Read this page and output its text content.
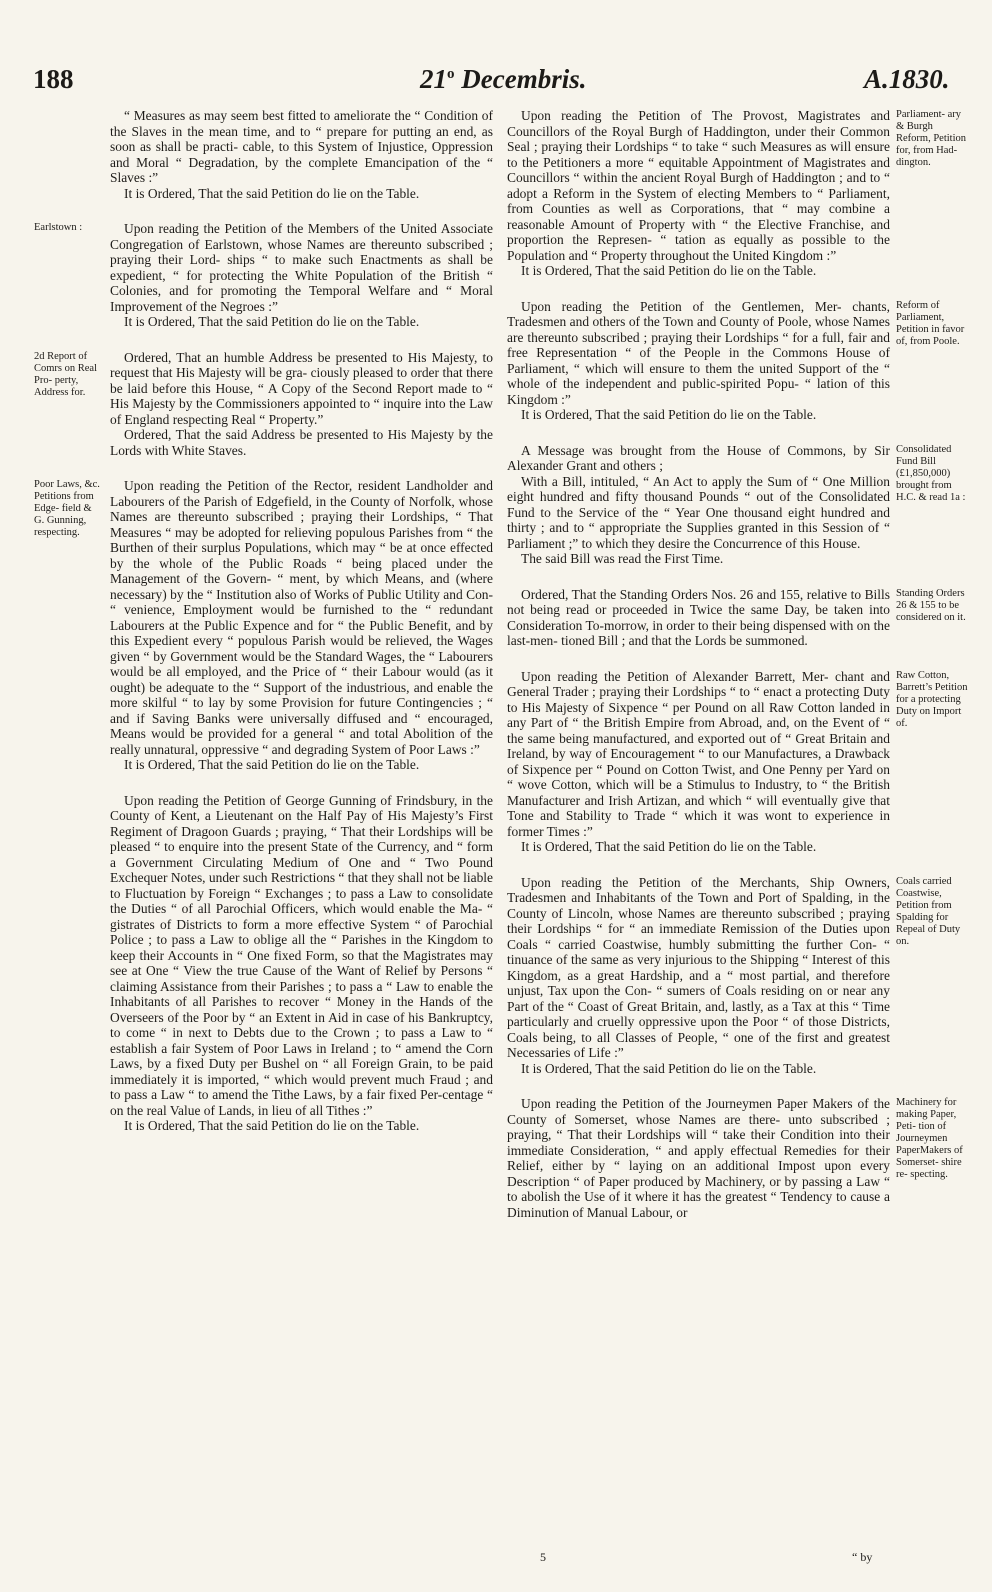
188	21$^o$ Decembris.	A.1830.

“ Measures as may seem best fitted to ameliorate the “ Condition of the Slaves in the mean time, and to “ prepare for putting an end, as soon as shall be practi- cable, to this System of Injustice, Oppression and Moral “ Degradation, by the complete Emancipation of the “ Slaves :”

It is Ordered, That the said Petition do lie on the Table.

Earlstown :	Upon reading the Petition of the Members of the United Associate Congregation of Earlstown, whose Names are thereunto subscribed ; praying their Lord- ships “ to make such Enactments as shall be expedient, “ for protecting the White Population of the British “ Colonies, and for promoting the Temporal Welfare and “ Moral Improvement of the Negroes :”

It is Ordered, That the said Petition do lie on the Table.

2d Report of Comrs on Real Pro- perty, Address for.

Ordered, That an humble Address be presented to His Majesty, to request that His Majesty will be gra- ciously pleased to order that there be laid before this House, “ A Copy of the Second Report made to “ His Majesty by the Commissioners appointed to “ inquire into the Law of England respecting Real “ Property.”

Ordered, That the said Address be presented to His Majesty by the Lords with White Staves.

Poor Laws, &c. Petitions from Edge- field & G. Gunning, respecting.

Upon reading the Petition of the Rector, resident Landholder and Labourers of the Parish of Edgefield, in the County of Norfolk, whose Names are thereunto subscribed ; praying their Lordships, “ That Measures “ may be adopted for relieving populous Parishes from “ the Burthen of their surplus Populations, which may “ be at once effected by the whole of the Public Roads “ being placed under the Management of the Govern- “ ment, by which Means, and (where necessary) by the “ Institution also of Works of Public Utility and Con- “ venience, Employment would be furnished to the “ redundant Labourers at the Public Expence and for “ the Public Benefit, and by this Expedient every “ populous Parish would be relieved, the Wages given “ by Government would be the Standard Wages, the “ Labourers would be all employed, and the Price of “ their Labour would (as it ought) be adequate to the “ Support of the industrious, and enable the more skilful “ to lay by some Provision for future Contingencies ; “ and if Saving Banks were universally diffused and “ encouraged, Means would be provided for a general “ and total Abolition of the really unnatural, oppressive “ and degrading System of Poor Laws :”

It is Ordered, That the said Petition do lie on the Table.

Upon reading the Petition of George Gunning of Frindsbury, in the County of Kent, a Lieutenant on the Half Pay of His Majesty’s First Regiment of Dragoon Guards ; praying, “ That their Lordships will be pleased “ to enquire into the present State of the Currency, and “ form a Government Circulating Medium of One and “ Two Pound Exchequer Notes, under such Restrictions “ that they shall not be liable to Fluctuation by Foreign “ Exchanges ; to pass a Law to consolidate the Duties “ of all Parochial Officers, which would enable the Ma- “ gistrates of Districts to form a more effective System “ of Parochial Police ; to pass a Law to oblige all the “ Parishes in the Kingdom to keep their Accounts in “ One fixed Form, so that the Magistrates may see at One “ View the true Cause of the Want of Relief by Persons “ claiming Assistance from their Parishes ; to pass a “ Law to enable the Inhabitants of all Parishes to recover “ Money in the Hands of the Overseers of the Poor by “ an Extent in Aid in case of his Bankruptcy, to come “ in next to Debts due to the Crown ; to pass a Law to “ establish a fair System of Poor Laws in Ireland ; to “ amend the Corn Laws, by a fixed Duty per Bushel on “ all Foreign Grain, to be paid immediately it is imported, “ which would prevent much Fraud ; and to pass a Law “ to amend the Tithe Laws, by a fair fixed Per-centage “ on the real Value of Lands, in lieu of all Tithes :”

It is Ordered, That the said Petition do lie on the Table.

Parliament- ary & Burgh Reform, Petition for, from Had- dington.

Upon reading the Petition of The Provost, Magistrates and Councillors of the Royal Burgh of Haddington, under their Common Seal ; praying their Lordships “ to take “ such Measures as will ensure to the Petitioners a more “ equitable Appointment of Magistrates and Councillors “ within the ancient Royal Burgh of Haddington ; and to “ adopt a Reform in the System of electing Members to “ Parliament, from Counties as well as Corporations, that “ may combine a reasonable Amount of Property with “ the Elective Franchise, and proportion the Represen- “ tation as equally as possible to the Population and “ Property throughout the United Kingdom :”

It is Ordered, That the said Petition do lie on the Table.

Reform of Parliament, Petition in favor of, from Poole.

Upon reading the Petition of the Gentlemen, Mer- chants, Tradesmen and others of the Town and County of Poole, whose Names are thereunto subscribed ; praying their Lordships “ for a full, fair and free Representation “ of the People in the Commons House of Parliament, “ which will ensure to them the united Support of the “ whole of the independent and public-spirited Popu- “ lation of this Kingdom :”

It is Ordered, That the said Petition do lie on the Table.

Consolidated Fund Bill (£1,850,000) brought from H.C. & read 1a :

A Message was brought from the House of Commons, by Sir Alexander Grant and others ;

With a Bill, intituled, “ An Act to apply the Sum of “ One Million eight hundred and fifty thousand Pounds “ out of the Consolidated Fund to the Service of the “ Year One thousand eight hundred and thirty ; and to “ appropriate the Supplies granted in this Session of “ Parliament ;” to which they desire the Concurrence of this House.

The said Bill was read the First Time.

Standing Orders 26 & 155 to be considered on it.

Ordered, That the Standing Orders Nos. 26 and 155, relative to Bills not being read or proceeded in Twice the same Day, be taken into Consideration To-morrow, in order to their being dispensed with on the last-men- tioned Bill ; and that the Lords be summoned.

Raw Cotton, Barrett’s Petition for a protecting Duty on Import of.

Upon reading the Petition of Alexander Barrett, Mer- chant and General Trader ; praying their Lordships “ to “ enact a protecting Duty to His Majesty of Sixpence “ per Pound on all Raw Cotton landed in any Part of “ the British Empire from Abroad, and, on the Event of “ the same being manufactured, and exported out of “ Great Britain and Ireland, by way of Encouragement “ to our Manufactures, a Drawback of Sixpence per “ Pound on Cotton Twist, and One Penny per Yard on “ wove Cotton, which will be a Stimulus to Industry, to “ the British Manufacturer and Irish Artizan, and which “ will eventually give that Tone and Stability to Trade “ which it was wont to experience in former Times :”

It is Ordered, That the said Petition do lie on the Table.

Coals carried Coastwise, Petition from Spalding for Repeal of Duty on.

Upon reading the Petition of the Merchants, Ship Owners, Tradesmen and Inhabitants of the Town and Port of Spalding, in the County of Lincoln, whose Names are thereunto subscribed ; praying their Lordships “ for “ an immediate Remission of the Duties upon Coals “ carried Coastwise, humbly submitting the further Con- “ tinuance of the same as very injurious to the Shipping “ Interest of this Kingdom, as a great Hardship, and a “ most partial, and therefore unjust, Tax upon the Con- “ sumers of Coals residing on or near any Part of the “ Coast of Great Britain, and, lastly, as a Tax at this “ Time particularly and cruelly oppressive upon the Poor “ of those Districts, Coals being, to all Classes of People, “ one of the first and greatest Necessaries of Life :”

It is Ordered, That the said Petition do lie on the Table.

Machinery for making Paper, Peti- tion of Journeymen PaperMakers of Somerset- shire re- specting.

Upon reading the Petition of the Journeymen Paper Makers of the County of Somerset, whose Names are there- unto subscribed ; praying, “ That their Lordships will “ take their Condition into their immediate Consideration, “ and apply effectual Remedies for their Relief, either by “ laying on an additional Impost upon every Description “ of Paper produced by Machinery, or by passing a Law “ to abolish the Use of it where it has the greatest “ Tendency to cause a Diminution of Manual Labour, or

5	“ by
